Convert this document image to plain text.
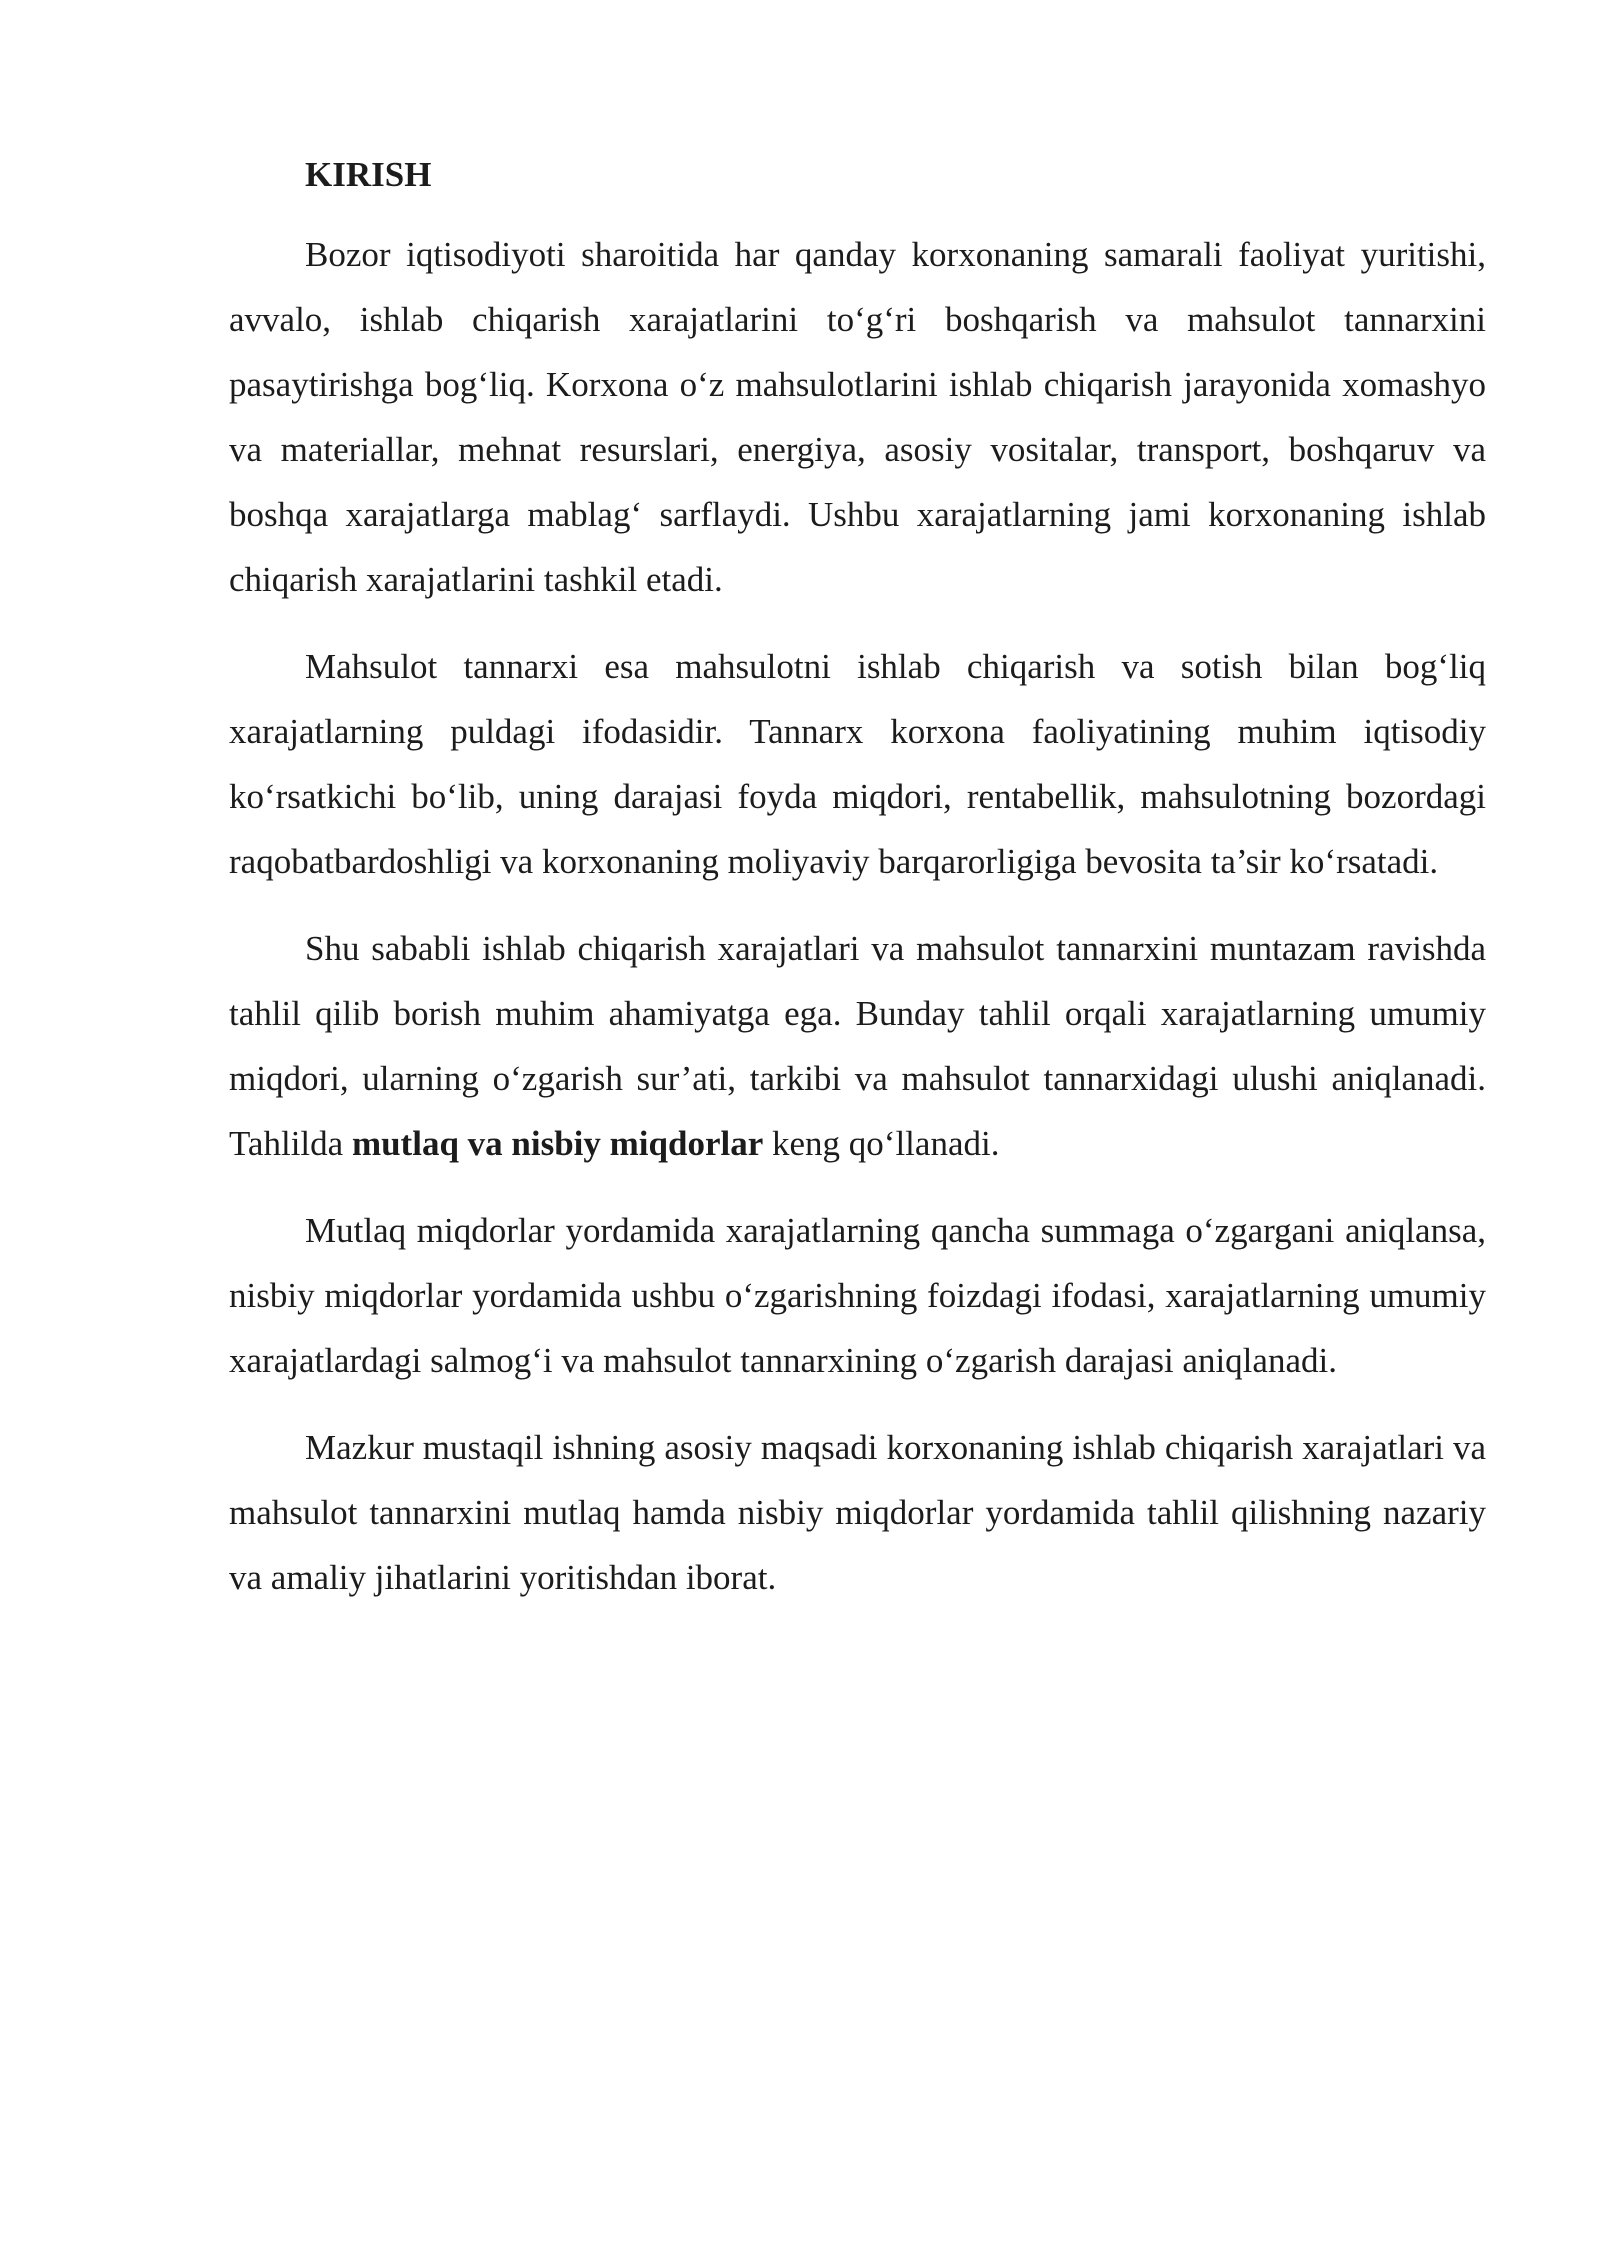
KIRISH

Bozor iqtisodiyoti sharoitida har qanday korxonaning samarali faoliyat yuritishi, avvalo, ishlab chiqarish xarajatlarini to‘g‘ri boshqarish va mahsulot tannarxini pasaytirishga bog‘liq. Korxona o‘z mahsulotlarini ishlab chiqarish jarayonida xomashyo va materiallar, mehnat resurslari, energiya, asosiy vositalar, transport, boshqaruv va boshqa xarajatlarga mablag‘ sarflaydi. Ushbu xarajatlarning jami korxonaning ishlab chiqarish xarajatlarini tashkil etadi.

Mahsulot tannarxi esa mahsulotni ishlab chiqarish va sotish bilan bog‘liq xarajatlarning puldagi ifodasidir. Tannarx korxona faoliyatining muhim iqtisodiy ko‘rsatkichi bo‘lib, uning darajasi foyda miqdori, rentabellik, mahsulotning bozordagi raqobatbardoshligi va korxonaning moliyaviy barqarorligiga bevosita ta’sir ko‘rsatadi.

Shu sababli ishlab chiqarish xarajatlari va mahsulot tannarxini muntazam ravishda tahlil qilib borish muhim ahamiyatga ega. Bunday tahlil orqali xarajatlarning umumiy miqdori, ularning o‘zgarish sur’ati, tarkibi va mahsulot tannarxidagi ulushi aniqlanadi. Tahlilda mutlaq va nisbiy miqdorlar keng qo‘llanadi.

Mutlaq miqdorlar yordamida xarajatlarning qancha summaga o‘zgargani aniqlansa, nisbiy miqdorlar yordamida ushbu o‘zgarishning foizdagi ifodasi, xarajatlarning umumiy xarajatlardagi salmog‘i va mahsulot tannarxining o‘zgarish darajasi aniqlanadi.

Mazkur mustaqil ishning asosiy maqsadi korxonaning ishlab chiqarish xarajatlari va mahsulot tannarxini mutlaq hamda nisbiy miqdorlar yordamida tahlil qilishning nazariy va amaliy jihatlarini yoritishdan iborat.
